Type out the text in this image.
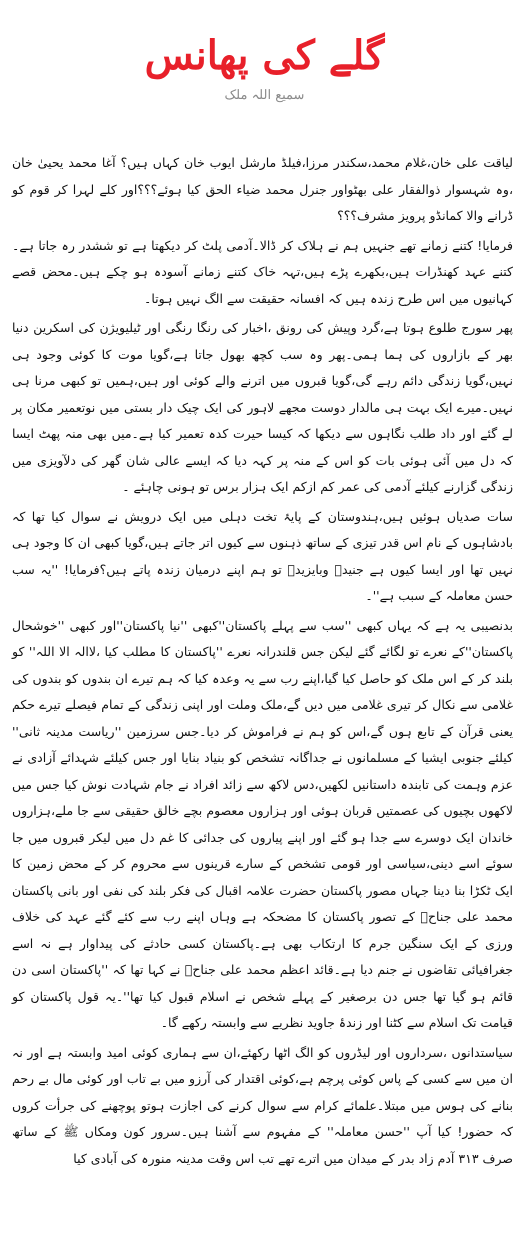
گلے کی پھانس
سمیع اللہ ملک

لیاقت علی خان،غلام محمد،سکندر مرزا،فیلڈ مارشل ایوب خان کہاں ہیں؟ آغا محمد یحییٰ خان ،وہ شہسوار ذوالفقار علی بھٹواور جنرل محمد ضیاء الحق کیا ہوئے؟؟؟اور کلے لہرا کر قوم کو ڈرانے والا کمانڈو پرویز مشرف؟؟؟

فرمایا! کتنے زمانے تھے جنہیں ہم نے ہلاک کر ڈالا۔آدمی پلٹ کر دیکھتا ہے تو ششدر رہ جاتا ہے۔ کتنے عہد کھنڈرات ہیں،بکھرے پڑے ہیں،تہہ خاک کتنے زمانے آسودہ ہو چکے ہیں۔محض قصے کہانیوں میں اس طرح زندہ ہیں کہ افسانہ حقیقت سے الگ نہیں ہوتا۔

پھر سورج طلوع ہوتا ہے،گرد وپیش کی رونق ،اخبار کی رنگا رنگی اور ٹیلیویژن کی اسکرین دنیا بھر کے بازاروں کی ہما ہمی۔پھر وہ سب کچھ بھول جاتا ہے،گویا موت کا کوئی وجود ہی نہیں،گویا زندگی دائم رہے گی،گویا قبروں میں اترنے والے کوئی اور ہیں،ہمیں تو کبھی مرنا ہی نہیں۔میرے ایک بہت ہی مالدار دوست مجھے لاہور کی ایک چیک دار بستی میں نوتعمیر مکان پر لے گئے اور داد طلب نگاہوں سے دیکھا کہ کیسا حیرت کدہ تعمیر کیا ہے۔میں بھی منہ پھٹ ایسا کہ دل میں آئی ہوئی بات کو اس کے منہ پر کہہ دیا کہ ایسے عالی شان گھر کی دلآویزی میں زندگی گزارنے کیلئے آدمی کی عمر کم ازکم ایک ہزار برس تو ہونی چاہئے ۔

سات صدیاں ہوئیں ہیں،ہندوستان کے پایۂ تخت دہلی میں ایک درویش نے سوال کیا تھا کہ بادشاہوں کے نام اس قدر تیزی کے ساتھ ذہنوں سے کیوں اتر جاتے ہیں،گویا کبھی ان کا وجود ہی نہیں تھا اور ایسا کیوں ہے جنیدؒ وبایزیدؒ تو ہم اپنے درمیان زندہ پاتے ہیں؟فرمایا! ''یہ سب حسن معاملہ کے سبب ہے''۔

بدنصیبی یہ ہے کہ یہاں کبھی ''سب سے پہلے پاکستان''کبھی ''نیا پاکستان''اور کبھی ''خوشحال پاکستان''کے نعرے تو لگائے گئے لیکن جس قلندرانہ نعرے ''پاکستان کا مطلب کیا ،لاالہ الا اللہ'' کو بلند کر کے اس ملک کو حاصل کیا گیا،اپنے رب سے یہ وعدہ کیا کہ ہم تیرے ان بندوں کو بندوں کی غلامی سے نکال کر تیری غلامی میں دیں گے،ملک وملت اور اپنی زندگی کے تمام فیصلے تیرے حکم یعنی قرآن کے تابع ہوں گے،اس کو ہم نے فراموش کر دیا۔جس سرزمین ''ریاست مدینہ ثانی'' کیلئے جنوبی ایشیا کے مسلمانوں نے جداگانہ تشخص کو بنیاد بنایا اور جس کیلئے شہدائے آزادی نے عزم وہمت کی تابندہ داستانیں لکھیں،دس لاکھ سے زائد افراد نے جام شہادت نوش کیا جس میں لاکھوں بچیوں کی عصمتیں قربان ہوئی اور ہزاروں معصوم بچے خالق حقیقی سے جا ملے،ہزاروں خاندان ایک دوسرے سے جدا ہو گئے اور اپنے پیاروں کی جدائی کا غم دل میں لیکر قبروں میں جا سوئے اسے دینی،سیاسی اور قومی تشخص کے سارے قرینوں سے محروم کر کے محض زمین کا ایک ٹکڑا بنا دینا جہاں مصور پاکستان حضرت علامہ اقبال کی فکر بلند کی نفی اور بانی پاکستان محمد علی جناحؒ کے تصور پاکستان کا مضحکہ ہے وہاں اپنے رب سے کئے گئے عہد کی خلاف ورزی کے ایک سنگین جرم کا ارتکاب بھی ہے۔پاکستان کسی حادثے کی پیداوار ہے نہ اسے جغرافیائی تقاضوں نے جنم دیا ہے۔قائد اعظم محمد علی جناحؒ نے کہا تھا کہ ''پاکستان اسی دن قائم ہو گیا تھا جس دن برصغیر کے پہلے شخص نے اسلام قبول کیا تھا''۔یہ قول پاکستان کو قیامت تک اسلام سے کٹنا اور زندۂ جاوید نظریے سے وابستہ رکھے گا۔

سیاستدانوں ،سرداروں اور لیڈروں کو الگ اٹھا رکھئے،ان سے ہماری کوئی امید وابستہ ہے اور نہ ان میں سے کسی کے پاس کوئی پرچم ہے،کوئی اقتدار کی آرزو میں بے تاب اور کوئی مال بے رحم بنانے کی ہوس میں مبتلا۔علمائے کرام سے سوال کرنے کی اجازت ہوتو پوچھنے کی جرأت کروں کہ حضور! کیا آپ ''حسن معاملہ'' کے مفہوم سے آشنا ہیں۔سرور کون ومکاں ﷺ کے ساتھ صرف ۳۱۳ آدم زاد بدر کے میدان میں اترے تھے تب اس وقت مدینہ منورہ کی آبادی کیا
